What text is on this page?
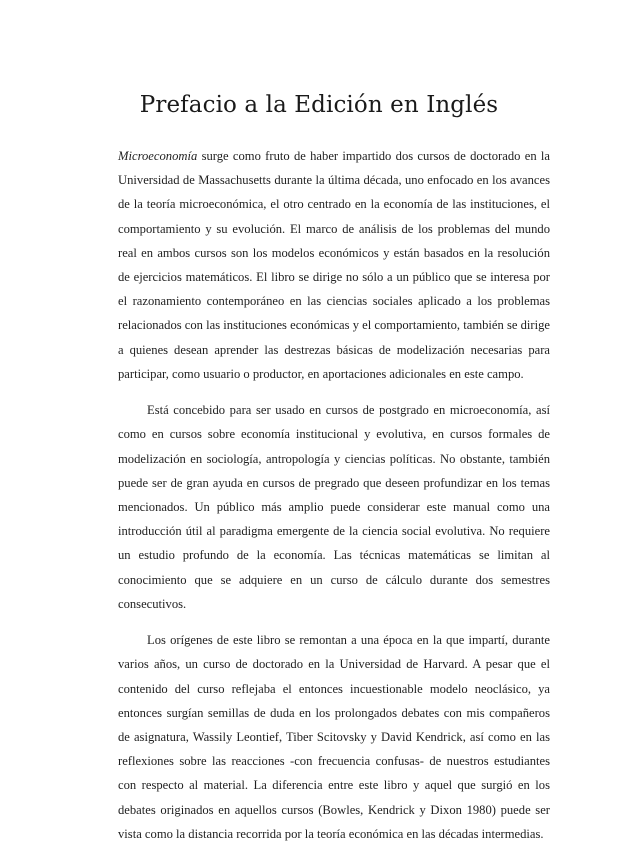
Prefacio a la Edición en Inglés

Microeconomía surge como fruto de haber impartido dos cursos de doctorado en la Universidad de Massachusetts durante la última década, uno enfocado en los avances de la teoría microeconómica, el otro centrado en la economía de las instituciones, el comportamiento y su evolución. El marco de análisis de los problemas del mundo real en ambos cursos son los modelos económicos y están basados en la resolución de ejercicios matemáticos. El libro se dirige no sólo a un público que se interesa por el razonamiento contemporáneo en las ciencias sociales aplicado a los problemas relacionados con las instituciones económicas y el comportamiento, también se dirige a quienes desean aprender las destrezas básicas de modelización necesarias para participar, como usuario o productor, en aportaciones adicionales en este campo.

Está concebido para ser usado en cursos de postgrado en microeconomía, así como en cursos sobre economía institucional y evolutiva, en cursos formales de modelización en sociología, antropología y ciencias políticas. No obstante, también puede ser de gran ayuda en cursos de pregrado que deseen profundizar en los temas mencionados. Un público más amplio puede considerar este manual como una introducción útil al paradigma emergente de la ciencia social evolutiva. No requiere un estudio profundo de la economía. Las técnicas matemáticas se limitan al conocimiento que se adquiere en un curso de cálculo durante dos semestres consecutivos.

Los orígenes de este libro se remontan a una época en la que impartí, durante varios años, un curso de doctorado en la Universidad de Harvard. A pesar que el contenido del curso reflejaba el entonces incuestionable modelo neoclásico, ya entonces surgían semillas de duda en los prolongados debates con mis compañeros de asignatura, Wassily Leontief, Tiber Scitovsky y David Kendrick, así como en las reflexiones sobre las reacciones -con frecuencia confusas- de nuestros estudiantes con respecto al material. La diferencia entre este libro y aquel que surgió en los debates originados en aquellos cursos (Bowles, Kendrick y Dixon 1980) puede ser vista como la distancia recorrida por la teoría económica en las décadas intermedias.
